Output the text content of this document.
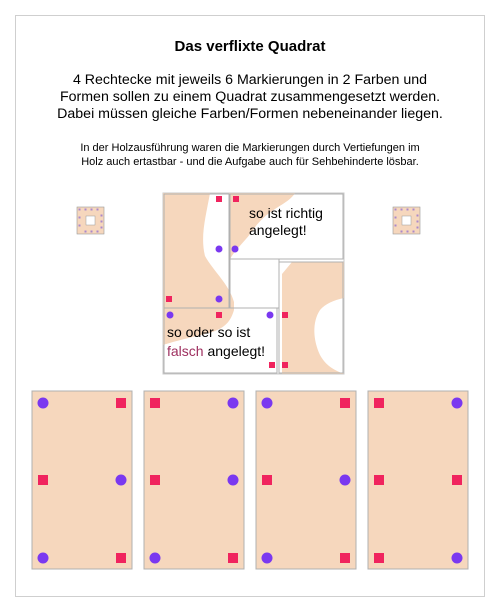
Das verflixte Quadrat
4 Rechtecke mit jeweils 6 Markierungen in 2 Farben und
Formen sollen zu einem Quadrat zusammengesetzt werden.
Dabei müssen gleiche Farben/Formen nebeneinander liegen.
In der Holzausführung waren die Markierungen durch Vertiefungen im
Holz auch ertastbar - und die Aufgabe auch für Sehbehinderte lösbar.
so ist richtig
angelegt!
so oder so ist
falsch angelegt!
